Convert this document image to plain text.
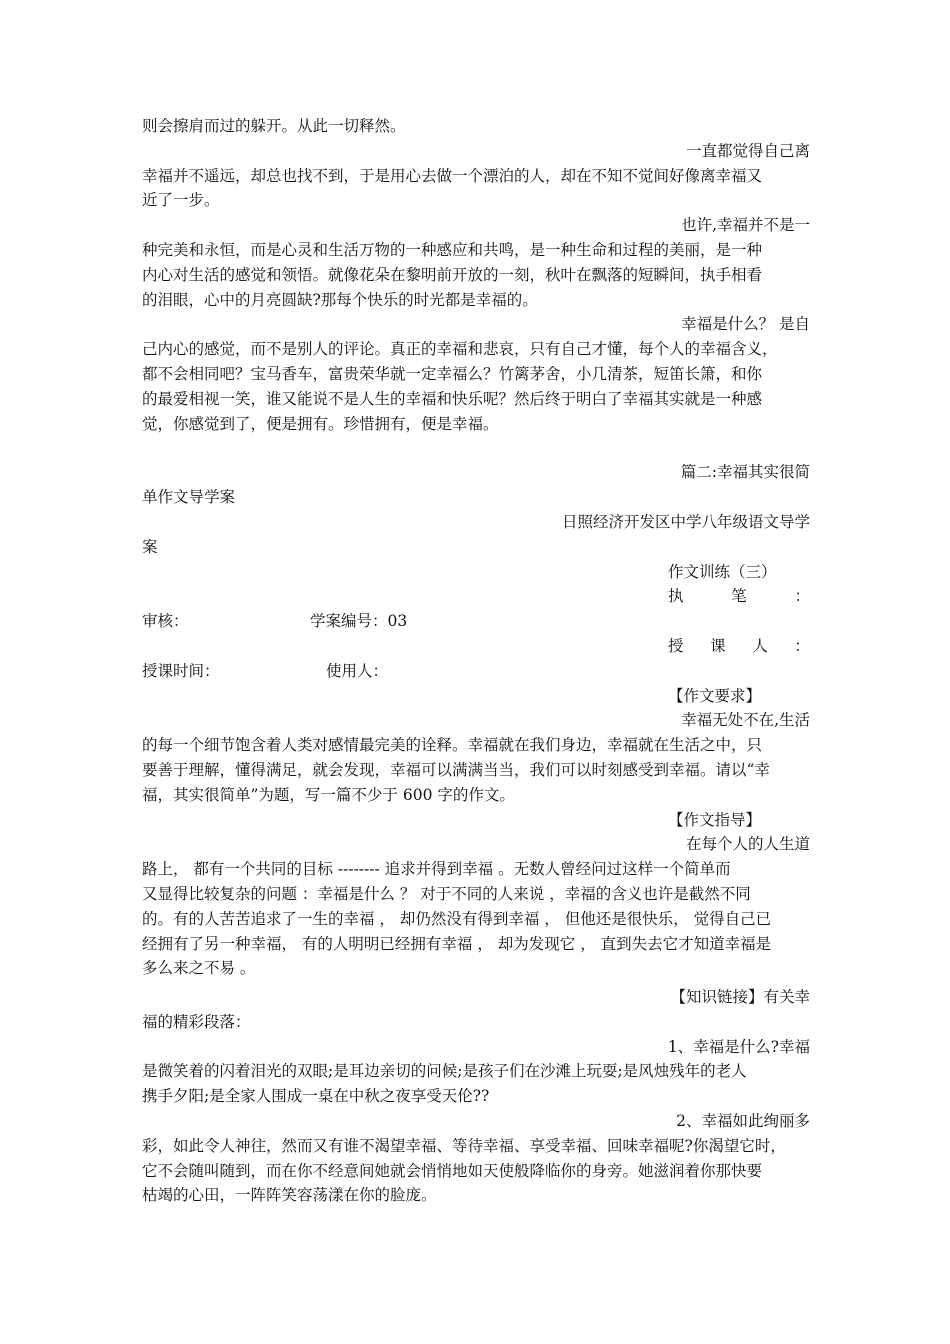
则会擦肩而过的躲开。从此一切释然。
一直都觉得自己离
幸福并不遥远，却总也找不到，于是用心去做一个漂泊的人，却在不知不觉间好像离幸福又
近了一步。
也许,幸福并不是一
种完美和永恒，而是心灵和生活万物的一种感应和共鸣，是一种生命和过程的美丽，是一种
内心对生活的感觉和领悟。就像花朵在黎明前开放的一刻，秋叶在飘落的短瞬间，执手相看
的泪眼，心中的月亮圆缺?那每个快乐的时光都是幸福的。
幸福是什么？ 是自
己内心的感觉，而不是别人的评论。真正的幸福和悲哀，只有自己才懂，每个人的幸福含义，
都不会相同吧？宝马香车，富贵荣华就一定幸福么？竹篱茅舍，小几清茶，短笛长箫，和你
的最爱相视一笑，谁又能说不是人生的幸福和快乐呢？然后终于明白了幸福其实就是一种感
觉，你感觉到了，便是拥有。珍惜拥有，便是幸福。
篇二:幸福其实很简
单作文导学案
日照经济开发区中学八年级语文导学
案
作文训练（三）
执	笔	：
审核：	学案编号：03
授 课 人 ：
授课时间：	使用人：
【作文要求】
幸福无处不在,生活
的每一个细节饱含着人类对感情最完美的诠释。幸福就在我们身边，幸福就在生活之中，只
要善于理解，懂得满足，就会发现，幸福可以满满当当，我们可以时刻感受到幸福。请以“幸
福，其实很简单”为题，写一篇不少于 600 字的作文。
【作文指导】
在每个人的人生道
路上， 都有一个共同的目标 -------- 追求并得到幸福 。无数人曾经问过这样一个简单而
又显得比较复杂的问题 ：幸福是什么 ？ 对于不同的人来说 ，幸福的含义也许是截然不同
的。有的人苦苦追求了一生的幸福 ， 却仍然没有得到幸福 ， 但他还是很快乐， 觉得自己已
经拥有了另一种幸福， 有的人明明已经拥有幸福 ， 却为发现它 ， 直到失去它才知道幸福是
多么来之不易 。
【知识链接】有关幸
福的精彩段落：
1、幸福是什么?幸福
是微笑着的闪着泪光的双眼;是耳边亲切的问候;是孩子们在沙滩上玩耍;是风烛残年的老人
携手夕阳;是全家人围成一桌在中秋之夜享受天伦??
2、幸福如此绚丽多
彩，如此令人神往，然而又有谁不渴望幸福、等待幸福、享受幸福、回味幸福呢?你渴望它时，
它不会随叫随到，而在你不经意间她就会悄悄地如天使般降临你的身旁。她滋润着你那快要
枯竭的心田，一阵阵笑容荡漾在你的脸庞。
